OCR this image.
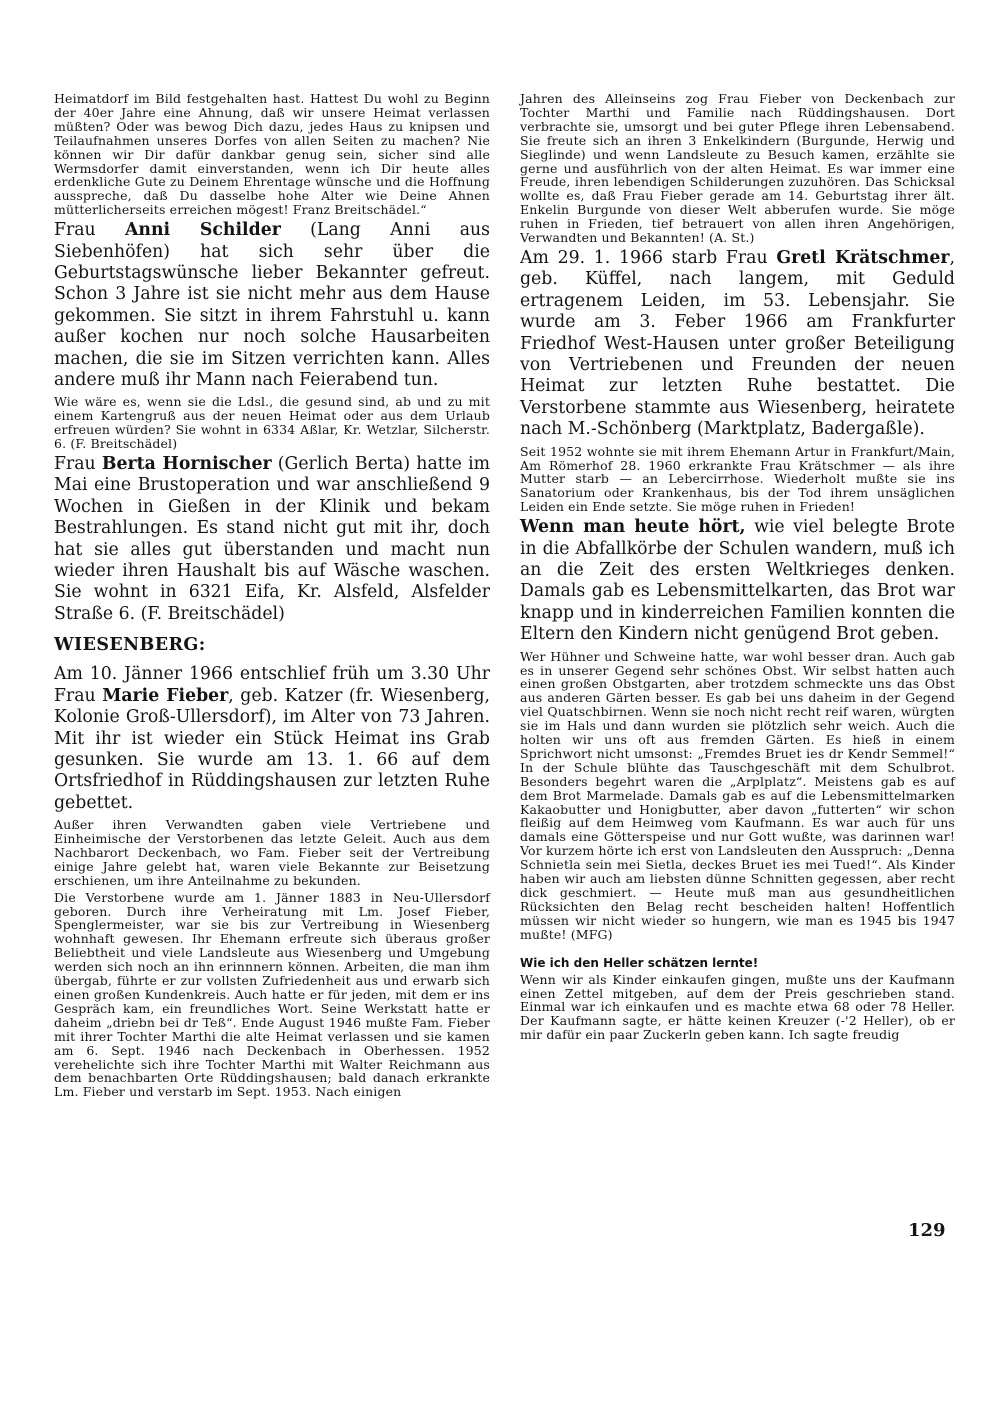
Heimatdorf im Bild festgehalten hast. Hattest Du wohl zu Beginn der 40er Jahre eine Ahnung, daß wir unsere Heimat verlassen müßten? Oder was bewog Dich dazu, jedes Haus zu knipsen und Teilaufnahmen unseres Dorfes von allen Seiten zu machen? Nie können wir Dir dafür dankbar genug sein, sicher sind alle Wermsdorfer damit einverstanden, wenn ich Dir heute alles erdenkliche Gute zu Deinem Ehrentage wünsche und die Hoffnung ausspreche, daß Du dasselbe hohe Alter wie Deine Ahnen mütterlicherseits erreichen mögest! Franz Breitschädel.“

Frau Anni Schilder (Lang Anni aus Siebenhöfen) hat sich sehr über die Geburtstagswünsche lieber Bekannter gefreut. Schon 3 Jahre ist sie nicht mehr aus dem Hause gekommen. Sie sitzt in ihrem Fahrstuhl u. kann außer kochen nur noch solche Hausarbeiten machen, die sie im Sitzen verrichten kann. Alles andere muß ihr Mann nach Feierabend tun.

Wie wäre es, wenn sie die Ldsl., die gesund sind, ab und zu mit einem Kartengruß aus der neuen Heimat oder aus dem Urlaub erfreuen würden? Sie wohnt in 6334 Aßlar, Kr. Wetzlar, Silcherstr. 6. (F. Breitschädel)

Frau Berta Hornischer (Gerlich Berta) hatte im Mai eine Brustoperation und war anschließend 9 Wochen in Gießen in der Klinik und bekam Bestrahlungen. Es stand nicht gut mit ihr, doch hat sie alles gut überstanden und macht nun wieder ihren Haushalt bis auf Wäsche waschen. Sie wohnt in 6321 Eifa, Kr. Alsfeld, Alsfelder Straße 6. (F. Breitschädel)

WIESENBERG:

Am 10. Jänner 1966 entschlief früh um 3.30 Uhr Frau Marie Fieber, geb. Katzer (fr. Wiesenberg, Kolonie Groß-Ullersdorf), im Alter von 73 Jahren. Mit ihr ist wieder ein Stück Heimat ins Grab gesunken. Sie wurde am 13. 1. 66 auf dem Ortsfriedhof in Rüddingshausen zur letzten Ruhe gebettet.

Außer ihren Verwandten gaben viele Vertriebene und Einheimische der Verstorbenen das letzte Geleit. Auch aus dem Nachbarort Deckenbach, wo Fam. Fieber seit der Vertreibung einige Jahre gelebt hat, waren viele Bekannte zur Beisetzung erschienen, um ihre Anteilnahme zu bekunden.

Die Verstorbene wurde am 1. Jänner 1883 in Neu-Ullersdorf geboren. Durch ihre Verheiratung mit Lm. Josef Fieber, Spenglermeister, war sie bis zur Vertreibung in Wiesenberg wohnhaft gewesen. Ihr Ehemann erfreute sich überaus großer Beliebtheit und viele Landsleute aus Wiesenberg und Umgebung werden sich noch an ihn erinnnern können. Arbeiten, die man ihm übergab, führte er zur vollsten Zufriedenheit aus und erwarb sich einen großen Kundenkreis. Auch hatte er für jeden, mit dem er ins Gespräch kam, ein freundliches Wort. Seine Werkstatt hatte er daheim „driebn bei dr Teß“. Ende August 1946 mußte Fam. Fieber mit ihrer Tochter Marthi die alte Heimat verlassen und sie kamen am 6. Sept. 1946 nach Deckenbach in Oberhessen. 1952 verehelichte sich ihre Tochter Marthi mit Walter Reichmann aus dem benachbarten Orte Rüddingshausen; bald danach erkrankte Lm. Fieber und verstarb im Sept. 1953. Nach einigen

Jahren des Alleinseins zog Frau Fieber von Deckenbach zur Tochter Marthi und Familie nach Rüddingshausen. Dort verbrachte sie, umsorgt und bei guter Pflege ihren Lebensabend. Sie freute sich an ihren 3 Enkelkindern (Burgunde, Herwig und Sieglinde) und wenn Landsleute zu Besuch kamen, erzählte sie gerne und ausführlich von der alten Heimat. Es war immer eine Freude, ihren lebendigen Schilderungen zuzuhören. Das Schicksal wollte es, daß Frau Fieber gerade am 14. Geburtstag ihrer ält. Enkelin Burgunde von dieser Welt abberufen wurde. Sie möge ruhen in Frieden, tief betrauert von allen ihren Angehörigen, Verwandten und Bekannten! (A. St.)

Am 29. 1. 1966 starb Frau Gretl Krätschmer, geb. Küffel, nach langem, mit Geduld ertragenem Leiden, im 53. Lebensjahr. Sie wurde am 3. Feber 1966 am Frankfurter Friedhof West-Hausen unter großer Beteiligung von Vertriebenen und Freunden der neuen Heimat zur letzten Ruhe bestattet. Die Verstorbene stammte aus Wiesenberg, heiratete nach M.-Schönberg (Marktplatz, Badergaßle).

Seit 1952 wohnte sie mit ihrem Ehemann Artur in Frankfurt/Main, Am Römerhof 28. 1960 erkrankte Frau Krätschmer — als ihre Mutter starb — an Lebercirrhose. Wiederholt mußte sie ins Sanatorium oder Krankenhaus, bis der Tod ihrem unsäglichen Leiden ein Ende setzte. Sie möge ruhen in Frieden!

Wenn man heute hört, wie viel belegte Brote in die Abfallkörbe der Schulen wandern, muß ich an die Zeit des ersten Weltkrieges denken. Damals gab es Lebensmittelkarten, das Brot war knapp und in kinderreichen Familien konnten die Eltern den Kindern nicht genügend Brot geben.

Wer Hühner und Schweine hatte, war wohl besser dran. Auch gab es in unserer Gegend sehr schönes Obst. Wir selbst hatten auch einen großen Obstgarten, aber trotzdem schmeckte uns das Obst aus anderen Gärten besser. Es gab bei uns daheim in der Gegend viel Quatschbirnen. Wenn sie noch nicht recht reif waren, würgten sie im Hals und dann wurden sie plötzlich sehr weich. Auch die holten wir uns oft aus fremden Gärten. Es hieß in einem Sprichwort nicht umsonst: „Fremdes Bruet ies dr Kendr Semmel!“ In der Schule blühte das Tauschgeschäft mit dem Schulbrot. Besonders begehrt waren die „Arplplatz“. Meistens gab es auf dem Brot Marmelade. Damals gab es auf die Lebensmittelmarken Kakaobutter und Honigbutter, aber davon „futterten“ wir schon fleißig auf dem Heimweg vom Kaufmann. Es war auch für uns damals eine Götterspeise und nur Gott wußte, was darinnen war! Vor kurzem hörte ich erst von Landsleuten den Ausspruch: „Denna Schnietla sein mei Sietla, deckes Bruet ies mei Tued!“. Als Kinder haben wir auch am liebsten dünne Schnitten gegessen, aber recht dick geschmiert. — Heute muß man aus gesundheitlichen Rücksichten den Belag recht bescheiden halten! Hoffentlich müssen wir nicht wieder so hungern, wie man es 1945 bis 1947 mußte! (MFG)

Wie ich den Heller schätzen lernte!

Wenn wir als Kinder einkaufen gingen, mußte uns der Kaufmann einen Zettel mitgeben, auf dem der Preis geschrieben stand. Einmal war ich einkaufen und es machte etwa 68 oder 78 Heller. Der Kaufmann sagte, er hätte keinen Kreuzer (-'2 Heller), ob er mir dafür ein paar Zuckerln geben kann. Ich sagte freudig

129
